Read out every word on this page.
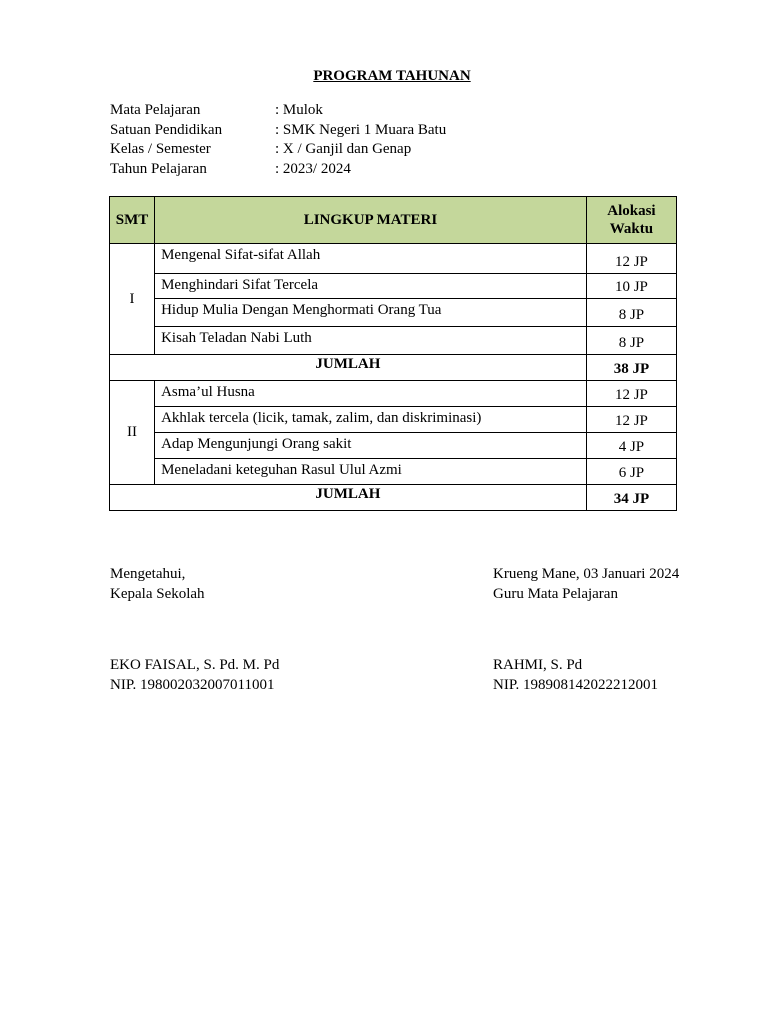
PROGRAM TAHUNAN
Mata Pelajaran	: Mulok
Satuan Pendidikan	: SMK Negeri 1 Muara Batu
Kelas / Semester	: X / Ganjil dan Genap
Tahun Pelajaran	: 2023/ 2024
SMT	LINGKUP MATERI	Alokasi
Waktu
I	Mengenal Sifat-sifat Allah	12 JP
	Menghindari Sifat Tercela	10 JP
	Hidup Mulia Dengan Menghormati Orang Tua	8 JP
	Kisah Teladan Nabi Luth	8 JP
JUMLAH		38 JP
II	Asma’ul Husna	12 JP
	Akhlak tercela (licik, tamak, zalim, dan diskriminasi)	12 JP
	Adap Mengunjungi Orang sakit	4 JP
	Meneladani keteguhan Rasul Ulul Azmi	6 JP
JUMLAH		34 JP
Mengetahui,
Kepala Sekolah
EKO FAISAL, S. Pd. M. Pd
NIP. 198002032007011001
Krueng Mane, 03 Januari 2024
Guru Mata Pelajaran
RAHMI, S. Pd
NIP. 198908142022212001
